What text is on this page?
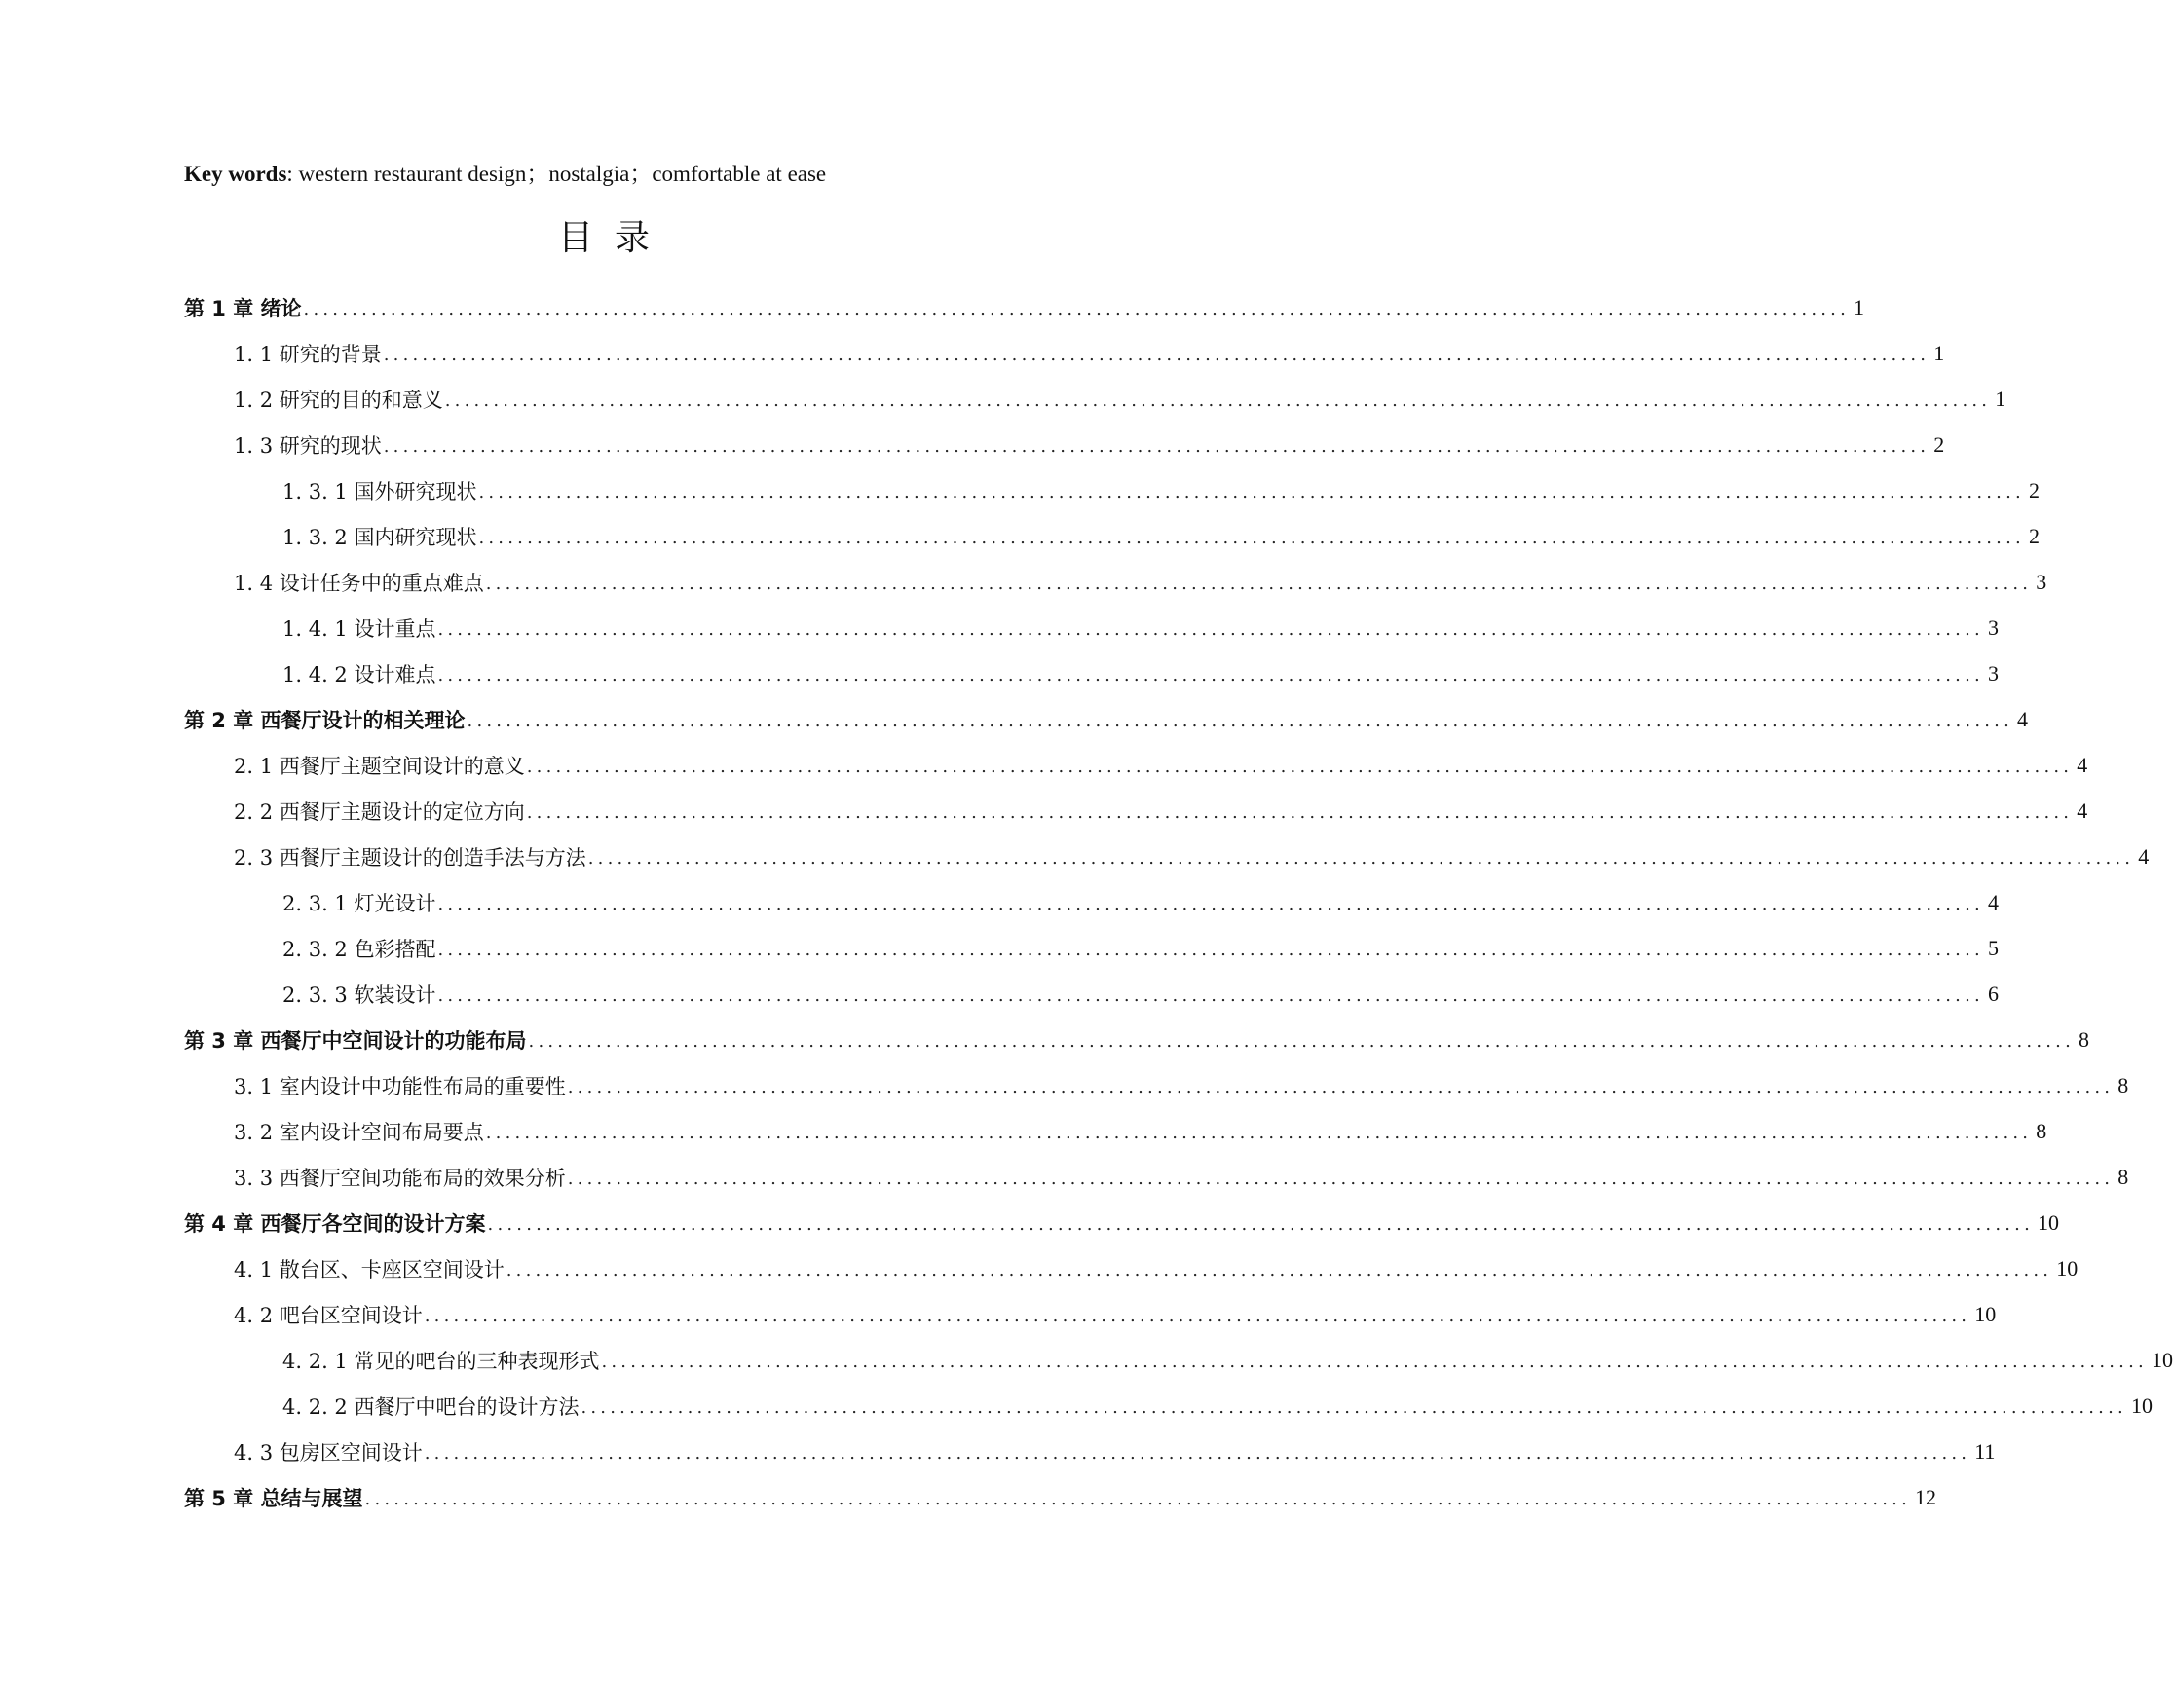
Key words: western restaurant design；nostalgia；comfortable at ease
目录
第 1 章 绪论 ................................................................................................................................................................ 1
1. 1 研究的背景 ................................................................................................................................................................ 1
1. 2 研究的目的和意义 ................................................................................................................................................................ 1
1. 3 研究的现状 ................................................................................................................................................................ 2
1. 3. 1 国外研究现状 ................................................................................................................................................................ 2
1. 3. 2 国内研究现状 ................................................................................................................................................................ 2
1. 4 设计任务中的重点难点 ................................................................................................................................................................ 3
1. 4. 1 设计重点 ................................................................................................................................................................ 3
1. 4. 2 设计难点 ................................................................................................................................................................ 3
第 2 章 西餐厅设计的相关理论 ................................................................................................................................................................ 4
2. 1 西餐厅主题空间设计的意义 ................................................................................................................................................................ 4
2. 2 西餐厅主题设计的定位方向 ................................................................................................................................................................ 4
2. 3 西餐厅主题设计的创造手法与方法 ................................................................................................................................................................ 4
2. 3. 1 灯光设计 ................................................................................................................................................................ 4
2. 3. 2 色彩搭配 ................................................................................................................................................................ 5
2. 3. 3 软装设计 ................................................................................................................................................................ 6
第 3 章 西餐厅中空间设计的功能布局 ................................................................................................................................................................ 8
3. 1 室内设计中功能性布局的重要性 ................................................................................................................................................................ 8
3. 2 室内设计空间布局要点 ................................................................................................................................................................ 8
3. 3 西餐厅空间功能布局的效果分析 ................................................................................................................................................................ 8
第 4 章 西餐厅各空间的设计方案 ................................................................................................................................................................ 10
4. 1 散台区、卡座区空间设计 ................................................................................................................................................................ 10
4. 2 吧台区空间设计 ................................................................................................................................................................ 10
4. 2. 1 常见的吧台的三种表现形式 ................................................................................................................................................................ 10
4. 2. 2 西餐厅中吧台的设计方法 ................................................................................................................................................................ 10
4. 3 包房区空间设计 ................................................................................................................................................................ 11
第 5 章 总结与展望 ................................................................................................................................................................ 12
